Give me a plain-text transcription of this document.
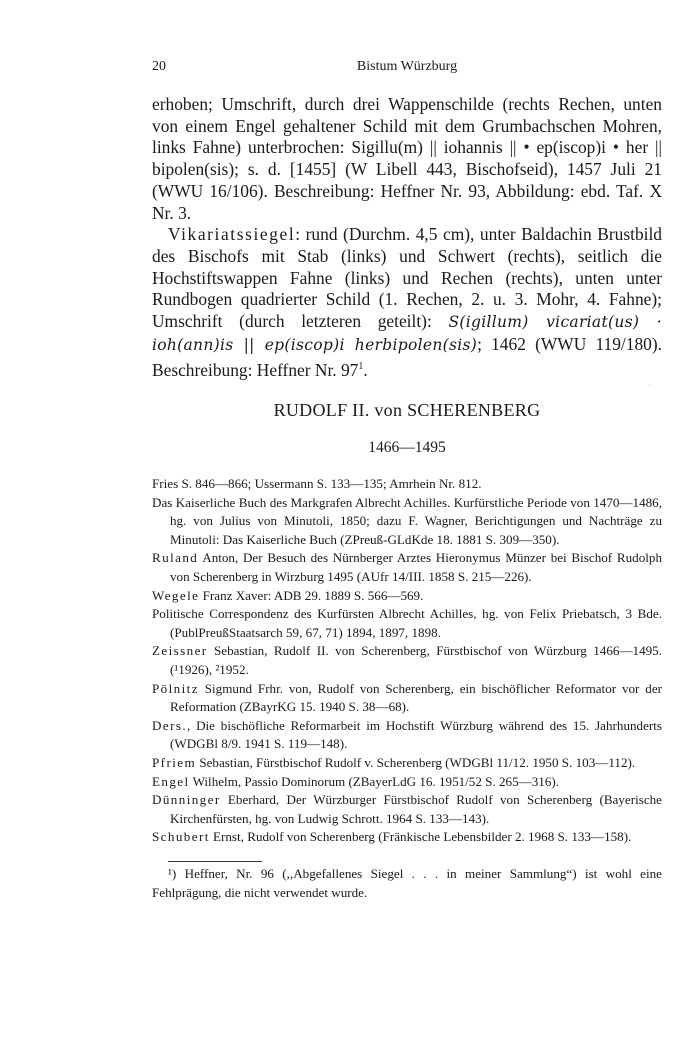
20	Bistum Würzburg

erhoben; Umschrift, durch drei Wappenschilde (rechts Rechen, unten von einem Engel gehaltener Schild mit dem Grumbachschen Mohren, links Fahne) unterbrochen: Sigillu(m) || iohannis || • ep(iscop)i • her || bipolen(sis); s. d. [1455] (W Libell 443, Bischofseid), 1457 Juli 21 (WWU 16/106). Beschreibung: Heffner Nr. 93, Abbildung: ebd. Taf. X Nr. 3.

Vikariatssiegel: rund (Durchm. 4,5 cm), unter Baldachin Brustbild des Bischofs mit Stab (links) und Schwert (rechts), seitlich die Hochstiftswappen Fahne (links) und Rechen (rechts), unten unter Rundbogen quadrierter Schild (1. Rechen, 2. u. 3. Mohr, 4. Fahne); Umschrift (durch letzteren geteilt): S(igillum) vicariat(us) · ioh(ann)is || ep(iscop)i herbipolen(sis); 1462 (WWU 119/180). Beschreibung: Heffner Nr. $97^1$.

RUDOLF II. von SCHERENBERG
1466—1495

Fries S. 846—866; Ussermann S. 133—135; Amrhein Nr. 812.

Das Kaiserliche Buch des Markgrafen Albrecht Achilles. Kurfürstliche Periode von 1470—1486, hg. von Julius von Minutoli, 1850; dazu F. Wagner, Berichtigungen und Nachträge zu Minutoli: Das Kaiserliche Buch (ZPreuß-GLdKde 18. 1881 S. 309—350).

Ruland Anton, Der Besuch des Nürnberger Arztes Hieronymus Münzer bei Bischof Rudolph von Scherenberg in Wirzburg 1495 (AUfr 14/III. 1858 S. 215—226).

Wegele Franz Xaver: ADB 29. 1889 S. 566—569.

Politische Correspondenz des Kurfürsten Albrecht Achilles, hg. von Felix Priebatsch, 3 Bde. (PublPreußStaatsarch 59, 67, 71) 1894, 1897, 1898.

Zeissner Sebastian, Rudolf II. von Scherenberg, Fürstbischof von Würzburg 1466—1495. (¹1926), ²1952.

Pölnitz Sigmund Frhr. von, Rudolf von Scherenberg, ein bischöflicher Reformator vor der Reformation (ZBayrKG 15. 1940 S. 38—68).

Ders., Die bischöfliche Reformarbeit im Hochstift Würzburg während des 15. Jahrhunderts (WDGBl 8/9. 1941 S. 119—148).

Pfriem Sebastian, Fürstbischof Rudolf v. Scherenberg (WDGBl 11/12. 1950 S. 103—112).

Engel Wilhelm, Passio Dominorum (ZBayerLdG 16. 1951/52 S. 265—316).

Dünninger Eberhard, Der Würzburger Fürstbischof Rudolf von Scherenberg (Bayerische Kirchenfürsten, hg. von Ludwig Schrott. 1964 S. 133—143).

Schubert Ernst, Rudolf von Scherenberg (Fränkische Lebensbilder 2. 1968 S. 133—158).

¹) Heffner, Nr. 96 (,,Abgefallenes Siegel . . . in meiner Sammlung“) ist wohl eine Fehlprägung, die nicht verwendet wurde.
